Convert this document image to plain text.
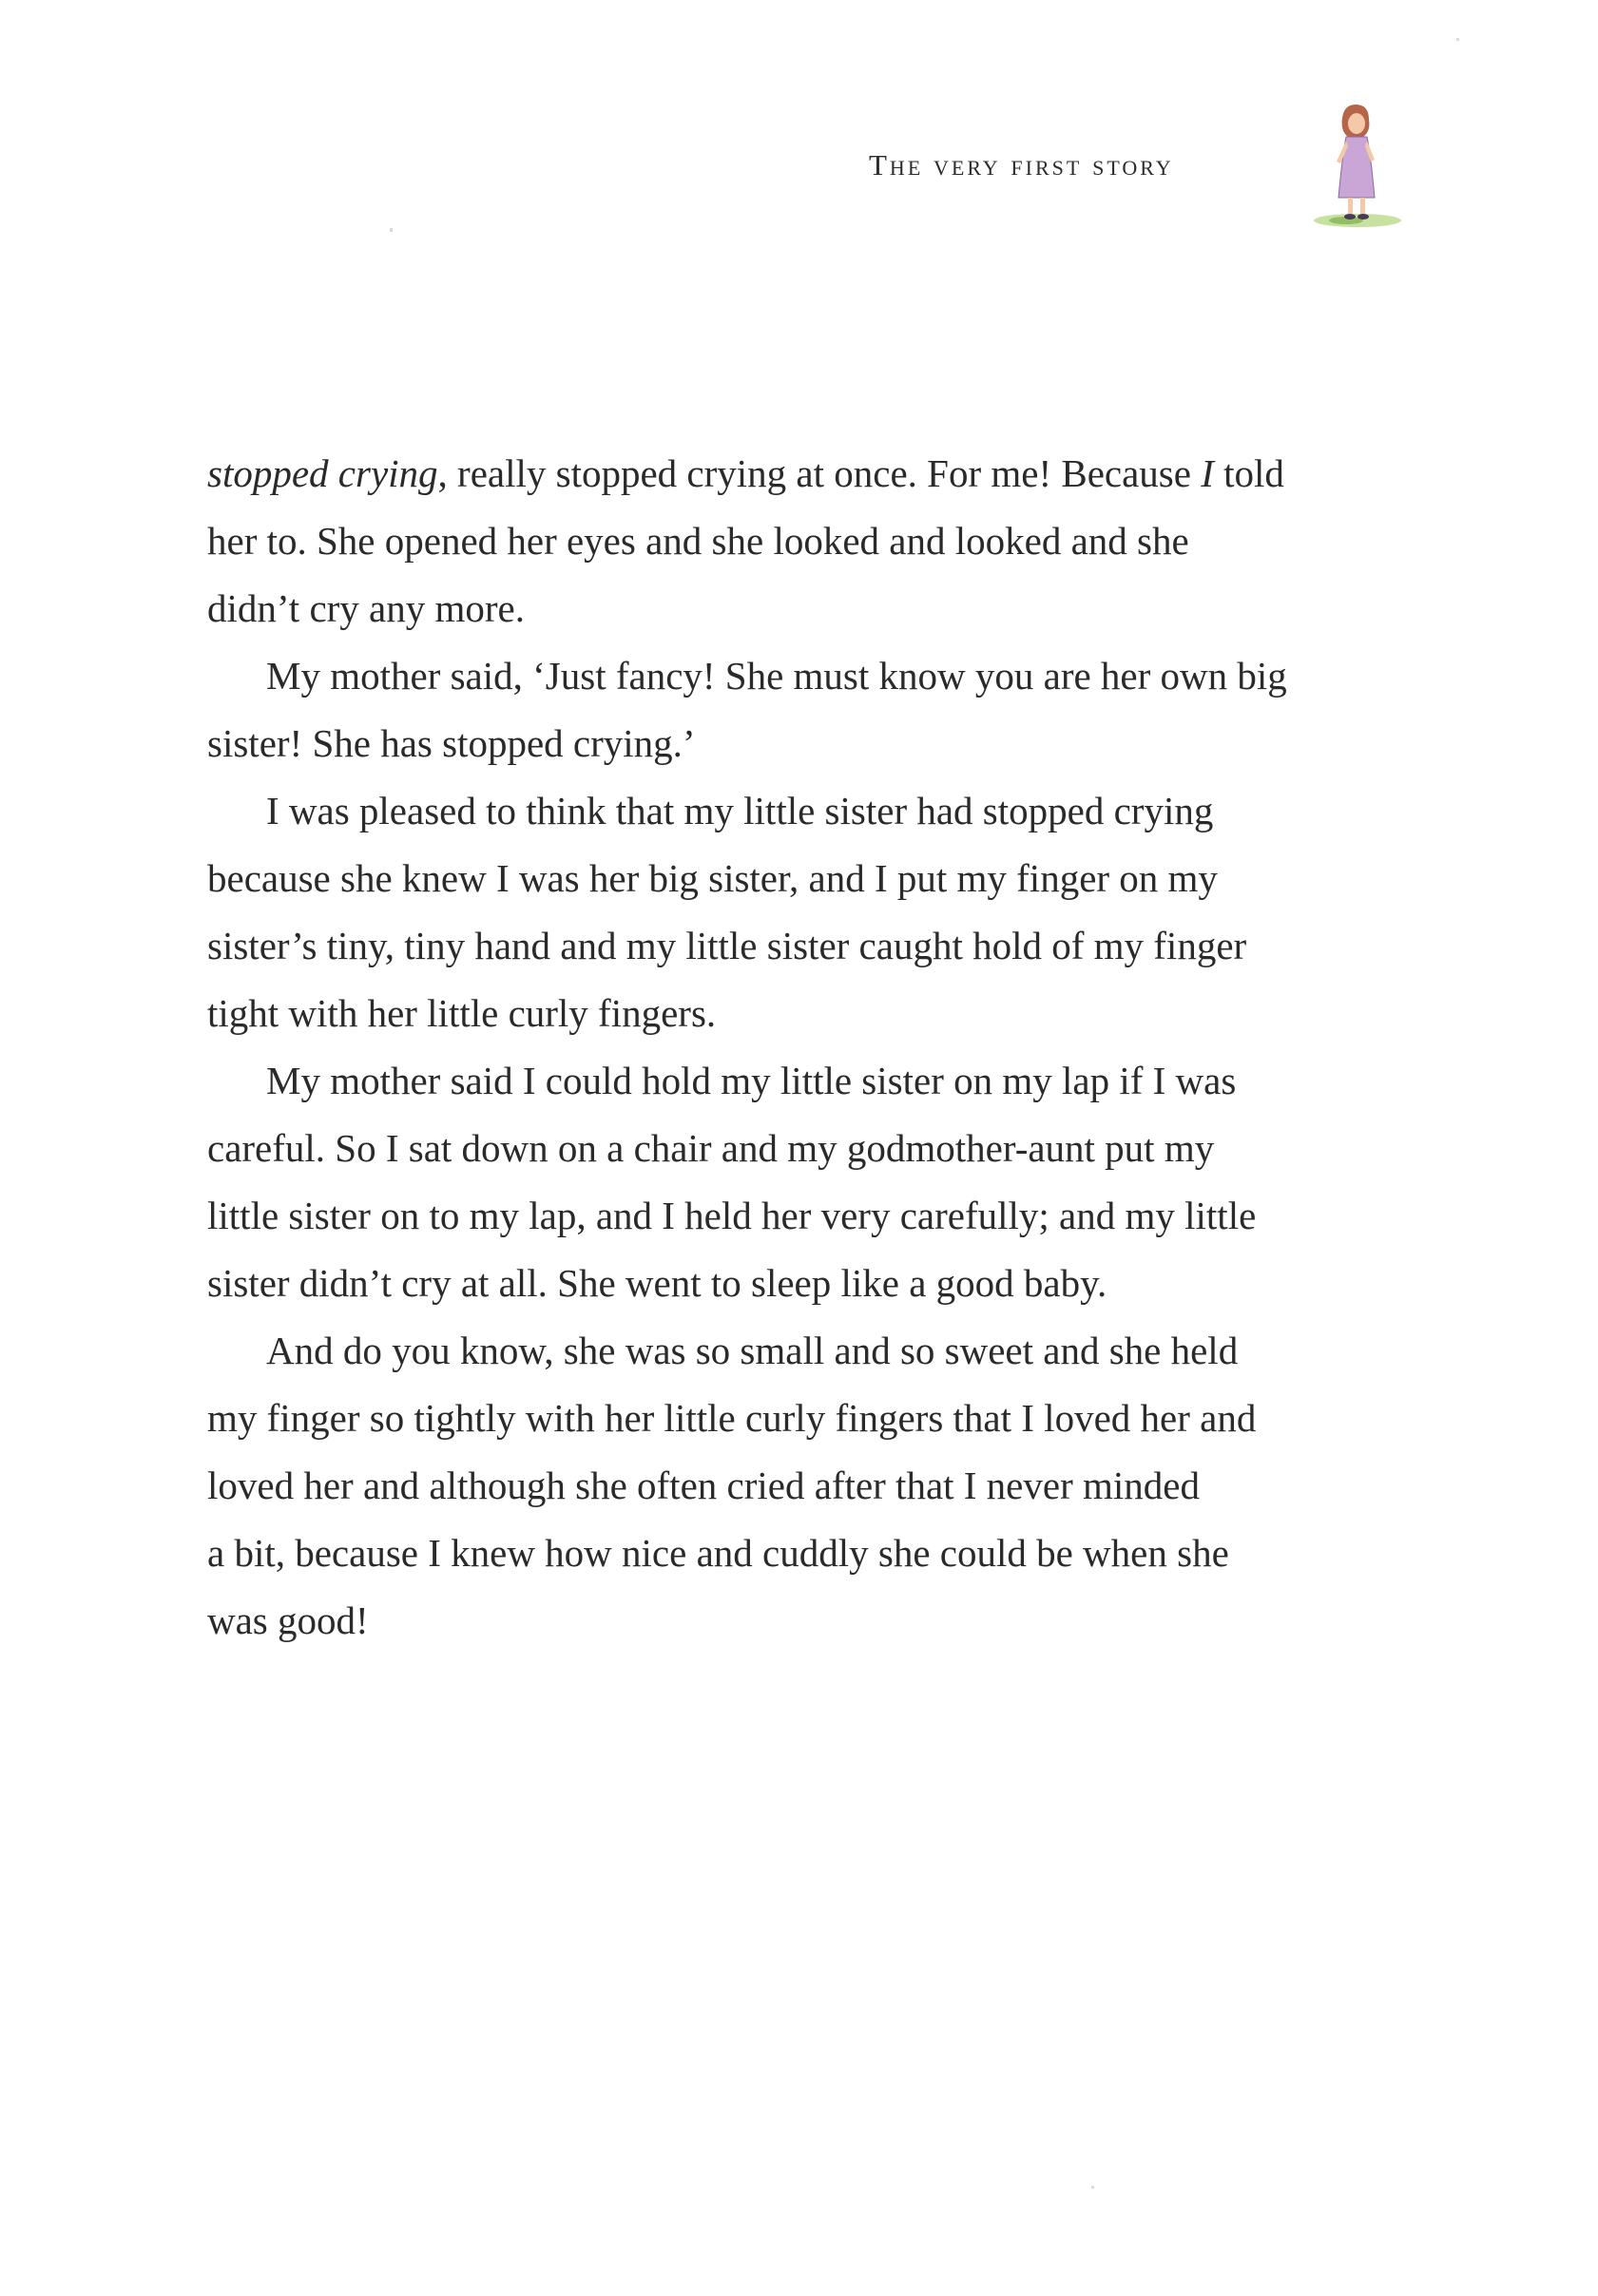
The very first story
stopped crying, really stopped crying at once. For me! Because I told
her to. She opened her eyes and she looked and looked and she
didn’t cry any more.
My mother said, ‘Just fancy! She must know you are her own big
sister! She has stopped crying.’
I was pleased to think that my little sister had stopped crying
because she knew I was her big sister, and I put my finger on my
sister’s tiny, tiny hand and my little sister caught hold of my finger
tight with her little curly fingers.
My mother said I could hold my little sister on my lap if I was
careful. So I sat down on a chair and my godmother-aunt put my
little sister on to my lap, and I held her very carefully; and my little
sister didn’t cry at all. She went to sleep like a good baby.
And do you know, she was so small and so sweet and she held
my finger so tightly with her little curly fingers that I loved her and
loved her and although she often cried after that I never minded
a bit, because I knew how nice and cuddly she could be when she
was good!
